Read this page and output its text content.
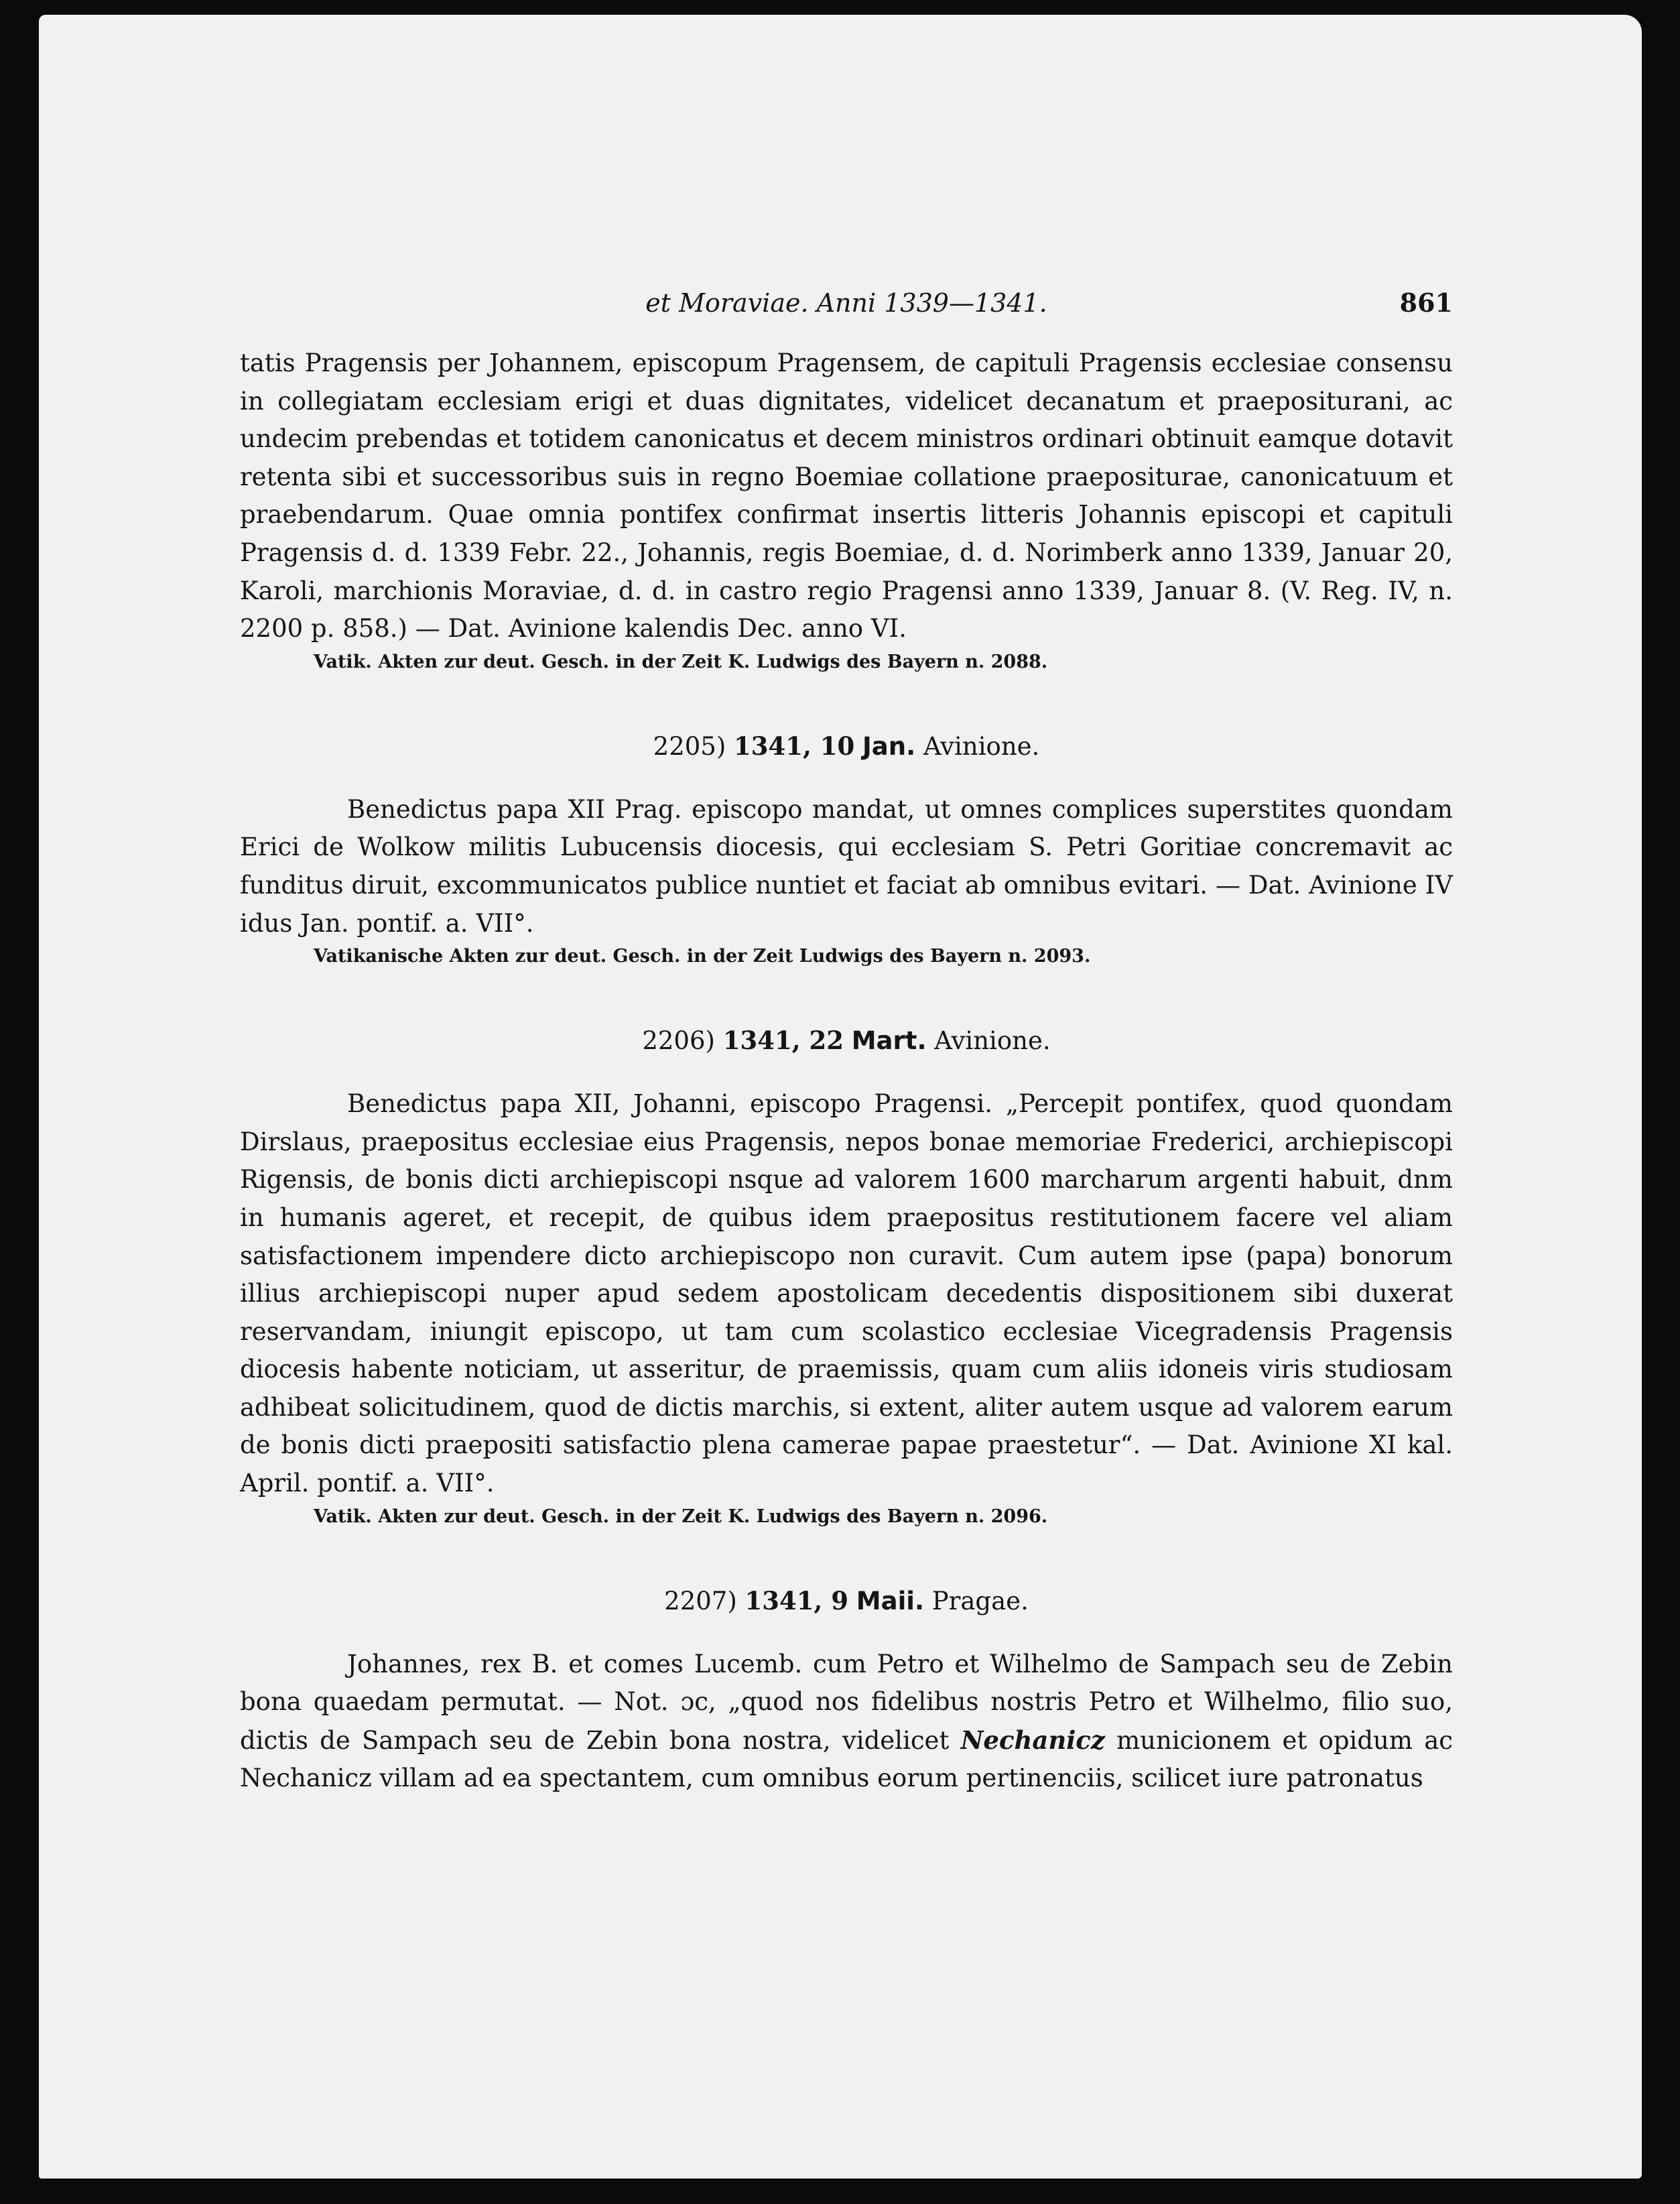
et Moraviae. Anni 1339—1341.	861

tatis Pragensis per Johannem, episcopum Pragensem, de capituli Pragensis ecclesiae consensu in collegiatam ecclesiam erigi et duas dignitates, videlicet decanatum et praepositurani, ac undecim prebendas et totidem canonicatus et decem ministros ordinari obtinuit eamque dotavit retenta sibi et successoribus suis in regno Boemiae collatione praepositurae, canonicatuum et praebendarum. Quae omnia pontifex confirmat insertis litteris Johannis episcopi et capituli Pragensis d. d. 1339 Febr. 22., Johannis, regis Boemiae, d. d. Norimberk anno 1339, Januar 20, Karoli, marchionis Moraviae, d. d. in castro regio Pragensi anno 1339, Januar 8. (V. Reg. IV, n. 2200 p. 858.) — Dat. Avinione kalendis Dec. anno VI.

Vatik. Akten zur deut. Gesch. in der Zeit K. Ludwigs des Bayern n. 2088.

2205) 1341, 10 Jan. Avinione.

Benedictus papa XII Prag. episcopo mandat, ut omnes complices superstites quondam Erici de Wolkow militis Lubucensis diocesis, qui ecclesiam S. Petri Goritiae concremavit ac funditus diruit, excommunicatos publice nuntiet et faciat ab omnibus evitari. — Dat. Avinione IV idus Jan. pontif. a. VII°.

Vatikanische Akten zur deut. Gesch. in der Zeit Ludwigs des Bayern n. 2093.

2206) 1341, 22 Mart. Avinione.

Benedictus papa XII, Johanni, episcopo Pragensi. „Percepit pontifex, quod quondam Dirslaus, praepositus ecclesiae eius Pragensis, nepos bonae memoriae Frederici, archiepiscopi Rigensis, de bonis dicti archiepiscopi nsque ad valorem 1600 marcharum argenti habuit, dnm in humanis ageret, et recepit, de quibus idem praepositus restitutionem facere vel aliam satisfactionem impendere dicto archiepiscopo non curavit. Cum autem ipse (papa) bonorum illius archiepiscopi nuper apud sedem apostolicam decedentis dispositionem sibi duxerat reservandam, iniungit episcopo, ut tam cum scolastico ecclesiae Vicegradensis Pragensis diocesis habente noticiam, ut asseritur, de praemissis, quam cum aliis idoneis viris studiosam adhibeat solicitudinem, quod de dictis marchis, si extent, aliter autem usque ad valorem earum de bonis dicti praepositi satisfactio plena camerae papae praestetur“. — Dat. Avinione XI kal. April. pontif. a. VII°.

Vatik. Akten zur deut. Gesch. in der Zeit K. Ludwigs des Bayern n. 2096.

2207) 1341, 9 Maii. Pragae.

Johannes, rex B. et comes Lucemb. cum Petro et Wilhelmo de Sampach seu de Zebin bona quaedam permutat. — Not. ɔc, „quod nos fidelibus nostris Petro et Wilhelmo, filio suo, dictis de Sampach seu de Zebin bona nostra, videlicet Nechanicz municionem et opidum ac Nechanicz villam ad ea spectantem, cum omnibus eorum pertinenciis, scilicet iure patronatus
